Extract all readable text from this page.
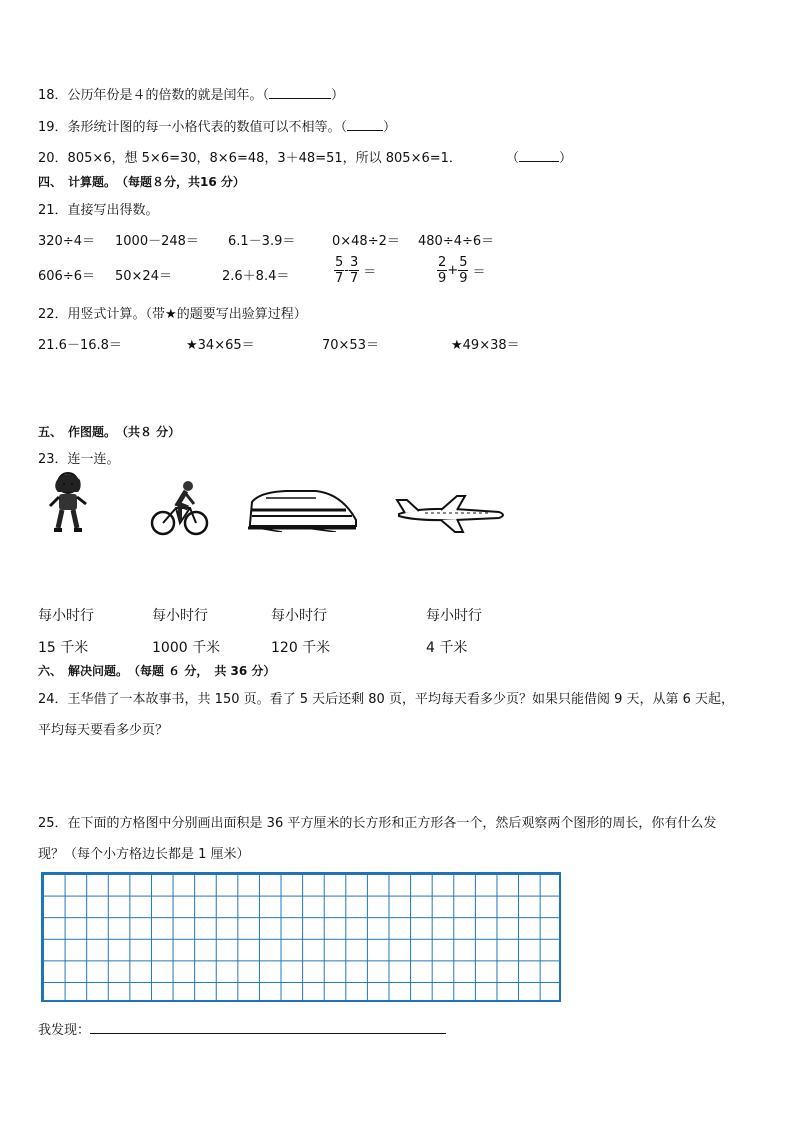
18．公历年份是４的倍数的就是闰年。（	）
19．条形统计图的每一小格代表的数值可以不相等。（	）
20．805×6，想 5×6=30，8×6=48，3＋48=51，所以 805×6=1．	（	）
四、　计算题。　（每题８分，共16 分）
21．直接写出得数。
320÷4＝ 1000－248＝ 6.1－3.9＝	0×48÷2＝ 480÷4÷6＝
606÷6＝ 50×24＝	2.6＋8.4＝	$\frac{5}{7} - \frac{3}{7}$ ＝	$\frac{2}{9} + \frac{5}{9}$ ＝
22．用竖式计算。（带★的题要写出验算过程）
21.6－16.8＝	★34×65＝	70×53＝	★49×38＝
五、　作图题。　（共８ 分）
23．连一连。
每小时行	每小时行	每小时行	每小时行
15 千米	1000 千米	120 千米	4 千米
六、　解决问题。　（每题 ６ 分，　共 36 分）
24．王华借了一本故事书，共 150 页。看了 5 天后还剩 80 页，平均每天看多少页？如果只能借阅 9 天，从第 6 天起，
平均每天要看多少页？
25．在下面的方格图中分别画出面积是 36 平方厘米的长方形和正方形各一个，然后观察两个图形的周长，你有什么发
现？（每个小方格边长都是 1 厘米）
我发现：
